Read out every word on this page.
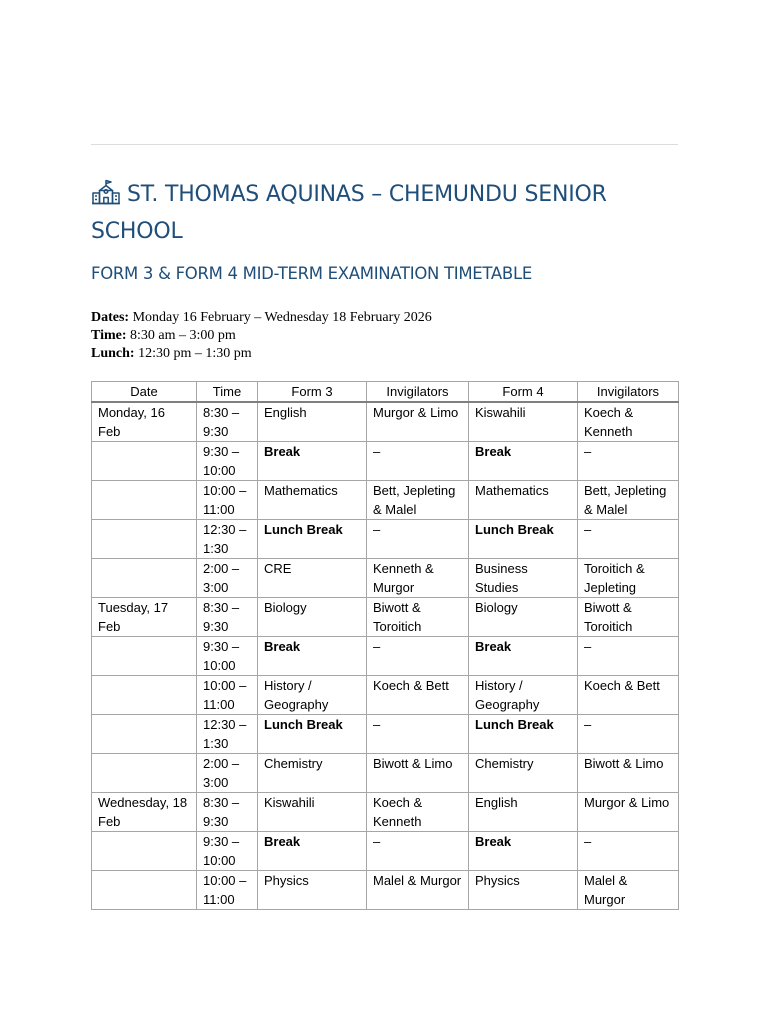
ST. THOMAS AQUINAS – CHEMUNDU SENIOR SCHOOL
FORM 3 & FORM 4 MID-TERM EXAMINATION TIMETABLE
Dates: Monday 16 February – Wednesday 18 February 2026
Time: 8:30 am – 3:00 pm
Lunch: 12:30 pm – 1:30 pm
Date	Time	Form 3	Invigilators	Form 4	Invigilators
Monday, 16 Feb	8:30 – 9:30	English	Murgor & Limo	Kiswahili	Koech & Kenneth
	9:30 – 10:00	Break	–	Break	–
	10:00 – 11:00	Mathematics	Bett, Jepleting & Malel	Mathematics	Bett, Jepleting & Malel
	12:30 – 1:30	Lunch Break	–	Lunch Break	–
	2:00 – 3:00	CRE	Kenneth & Murgor	Business Studies	Toroitich & Jepleting
Tuesday, 17 Feb	8:30 – 9:30	Biology	Biwott & Toroitich	Biology	Biwott & Toroitich
	9:30 – 10:00	Break	–	Break	–
	10:00 – 11:00	History / Geography	Koech & Bett	History / Geography	Koech & Bett
	12:30 – 1:30	Lunch Break	–	Lunch Break	–
	2:00 – 3:00	Chemistry	Biwott & Limo	Chemistry	Biwott & Limo
Wednesday, 18 Feb	8:30 – 9:30	Kiswahili	Koech & Kenneth	English	Murgor & Limo
	9:30 – 10:00	Break	–	Break	–
	10:00 – 11:00	Physics	Malel & Murgor	Physics	Malel & Murgor
